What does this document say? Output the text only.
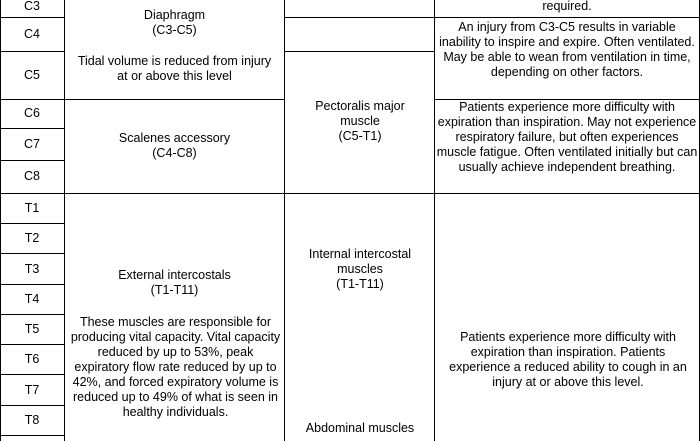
C3
C4
C5
C6
C7
C8
T1
T2
T3
T4
T5
T6
T7
T8

Diaphragm

(C3-C5)

Tidal volume is reduced from injury at or above this level

Scalenes accessory

(C4-C8)

External intercostals

(T1-T11)

These muscles are responsible for producing vital capacity. Vital capacity reduced by up to 53%, peak expiratory flow rate reduced by up to 42%, and forced expiratory volume is reduced up to 49% of what is seen in healthy individuals.

Pectoralis major muscle

(C5-T1)

Internal intercostal muscles

(T1-T11)

Abdominal muscles

required.

An injury from C3-C5 results in variable inability to inspire and expire. Often ventilated. May be able to wean from ventilation in time, depending on other factors.

Patients experience more difficulty with expiration than inspiration. May not experience respiratory failure, but often experiences muscle fatigue. Often ventilated initially but can usually achieve independent breathing.

Patients experience more difficulty with expiration than inspiration. Patients experience a reduced ability to cough in an injury at or above this level.
